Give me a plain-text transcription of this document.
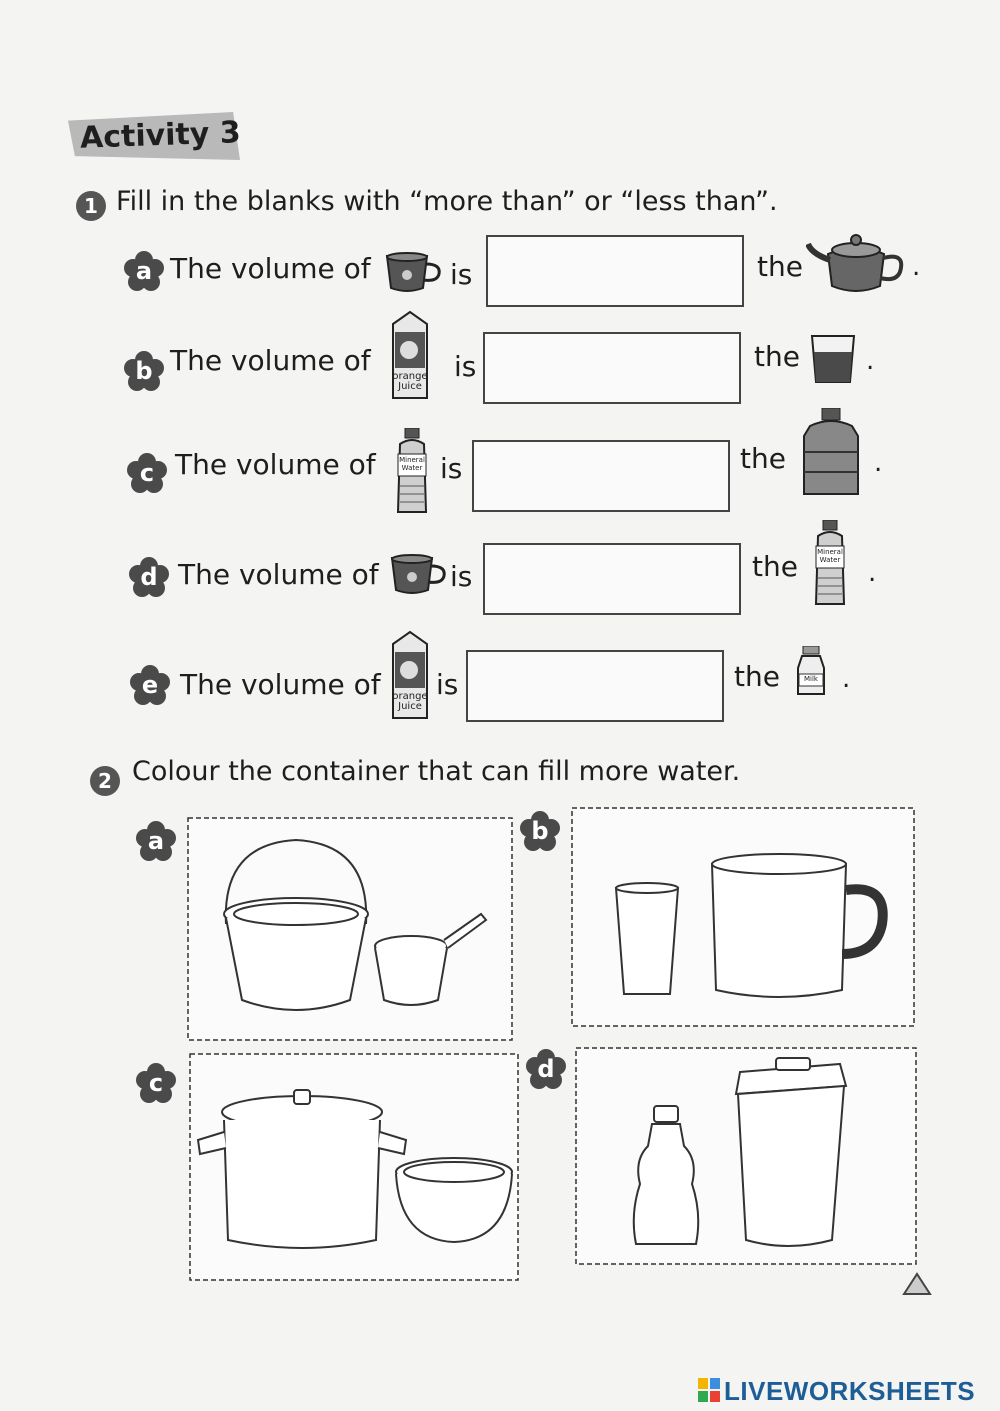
Activity 3
1 Fill in the blanks with “more than” or “less than”.
a The volume of	is	the	.
b The volume of	orange
Juice
is	the	.
c The volume of	Mineral
Water is	the	.
d The volume of	is	the	Mineral
Water .
e The volume of	orange
Juice
is	the	Milk .
2 Colour the container that can fill more water.
a	b
c	d
LIVEWORKSHEETS
